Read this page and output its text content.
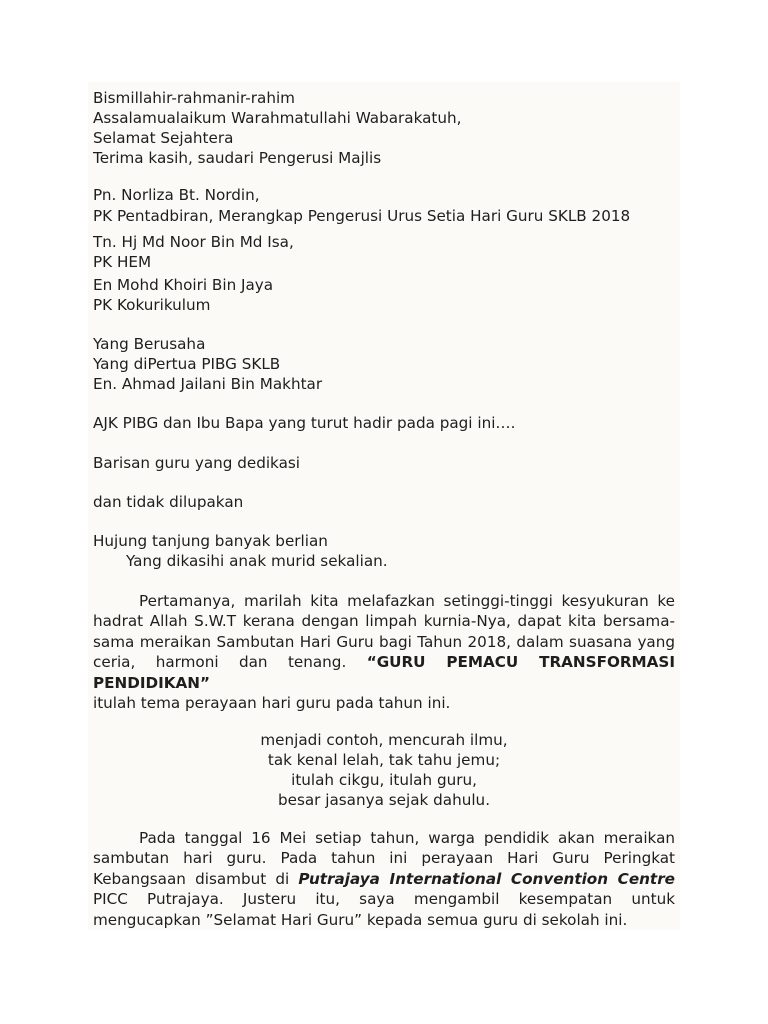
Bismillahir-rahmanir-rahim

Assalamualaikum Warahmatullahi Wabarakatuh,

Selamat Sejahtera

Terima kasih, saudari Pengerusi Majlis

Pn. Norliza Bt. Nordin,

PK Pentadbiran, Merangkap Pengerusi Urus Setia Hari Guru SKLB 2018

Tn. Hj Md Noor Bin Md Isa,

PK HEM

En Mohd Khoiri Bin Jaya

PK Kokurikulum

Yang Berusaha

Yang diPertua PIBG SKLB

En. Ahmad Jailani Bin Makhtar

AJK PIBG dan Ibu Bapa yang turut hadir pada pagi ini….

Barisan guru yang dedikasi

dan tidak dilupakan

Hujung tanjung banyak berlian

Yang dikasihi anak murid sekalian.

Pertamanya, marilah kita melafazkan setinggi-tinggi kesyukuran ke hadrat Allah S.W.T kerana dengan limpah kurnia-Nya, dapat kita bersama-sama meraikan Sambutan Hari Guru bagi Tahun 2018, dalam suasana yang ceria, harmoni dan tenang. “GURU PEMACU TRANSFORMASI PENDIDIKAN”
itulah tema perayaan hari guru pada tahun ini.

menjadi contoh, mencurah ilmu,

tak kenal lelah, tak tahu jemu;

itulah cikgu, itulah guru,

besar jasanya sejak dahulu.

Pada tanggal 16 Mei setiap tahun, warga pendidik akan meraikan sambutan hari guru. Pada tahun ini perayaan Hari Guru Peringkat Kebangsaan disambut di Putrajaya International Convention Centre PICC Putrajaya. Justeru itu, saya mengambil kesempatan untuk mengucapkan ”Selamat Hari Guru” kepada semua guru di sekolah ini.
